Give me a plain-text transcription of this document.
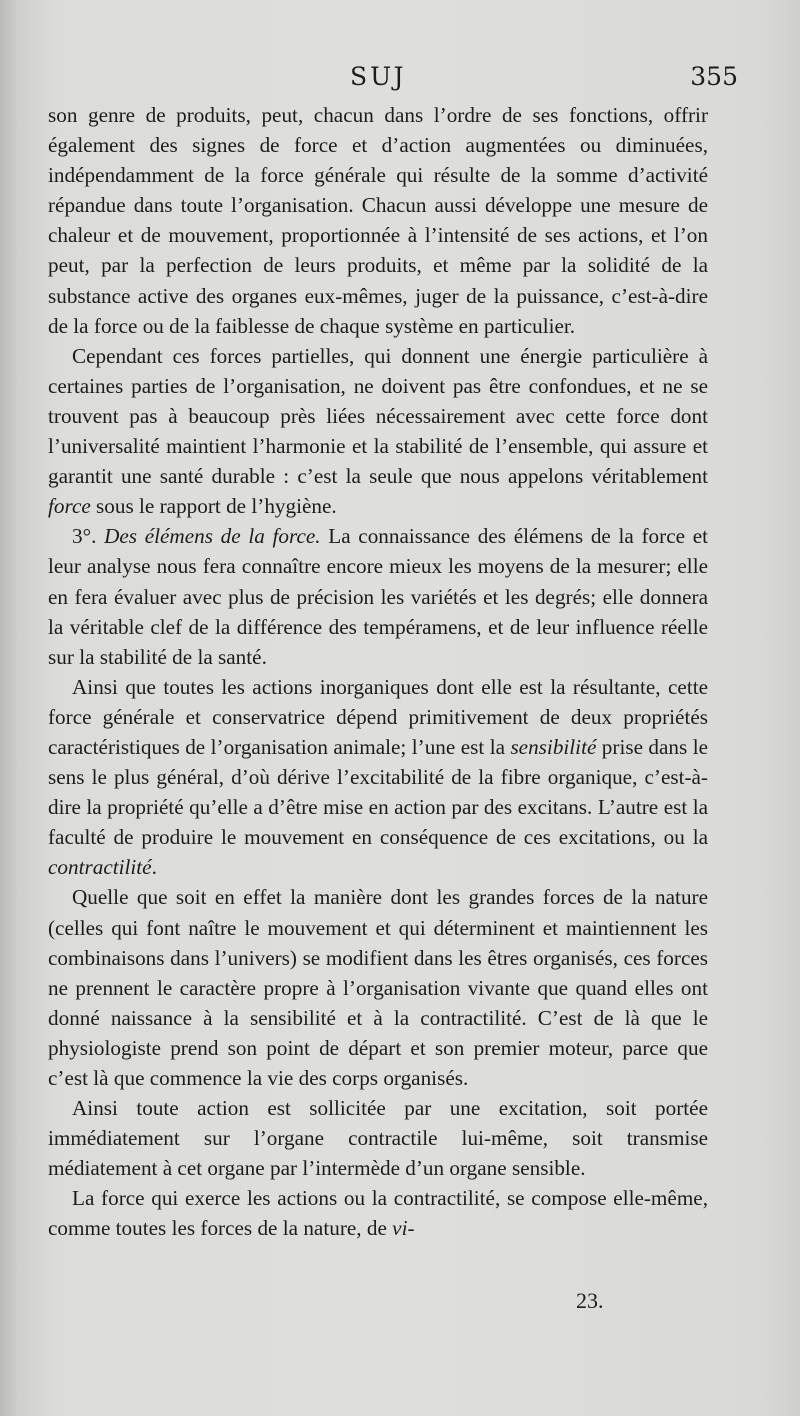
SUJ	355

son genre de produits, peut, chacun dans l’ordre de ses fonctions, offrir également des signes de force et d’action augmentées ou diminuées, indépendamment de la force générale qui résulte de la somme d’activité répandue dans toute l’organisation. Chacun aussi développe une mesure de chaleur et de mouvement, proportionnée à l’intensité de ses actions, et l’on peut, par la perfection de leurs produits, et même par la solidité de la substance active des organes eux-mêmes, juger de la puissance, c’est-à-dire de la force ou de la faiblesse de chaque système en particulier.

Cependant ces forces partielles, qui donnent une énergie particulière à certaines parties de l’organisation, ne doivent pas être confondues, et ne se trouvent pas à beaucoup près liées nécessairement avec cette force dont l’universalité maintient l’harmonie et la stabilité de l’ensemble, qui assure et garantit une santé durable : c’est la seule que nous appelons véritablement force sous le rapport de l’hygiène.

3°. Des élémens de la force. La connaissance des élémens de la force et leur analyse nous fera connaître encore mieux les moyens de la mesurer; elle en fera évaluer avec plus de précision les variétés et les degrés; elle donnera la véritable clef de la différence des tempéramens, et de leur influence réelle sur la stabilité de la santé.

Ainsi que toutes les actions inorganiques dont elle est la résultante, cette force générale et conservatrice dépend primitivement de deux propriétés caractéristiques de l’organisation animale; l’une est la sensibilité prise dans le sens le plus général, d’où dérive l’excitabilité de la fibre organique, c’est-à-dire la propriété qu’elle a d’être mise en action par des excitans. L’autre est la faculté de produire le mouvement en conséquence de ces excitations, ou la contractilité.

Quelle que soit en effet la manière dont les grandes forces de la nature (celles qui font naître le mouvement et qui déterminent et maintiennent les combinaisons dans l’univers) se modifient dans les êtres organisés, ces forces ne prennent le caractère propre à l’organisation vivante que quand elles ont donné naissance à la sensibilité et à la contractilité. C’est de là que le physiologiste prend son point de départ et son premier moteur, parce que c’est là que commence la vie des corps organisés.

Ainsi toute action est sollicitée par une excitation, soit portée immédiatement sur l’organe contractile lui-même, soit transmise médiatement à cet organe par l’intermède d’un organe sensible.

La force qui exerce les actions ou la contractilité, se compose elle-même, comme toutes les forces de la nature, de vi-

23.
